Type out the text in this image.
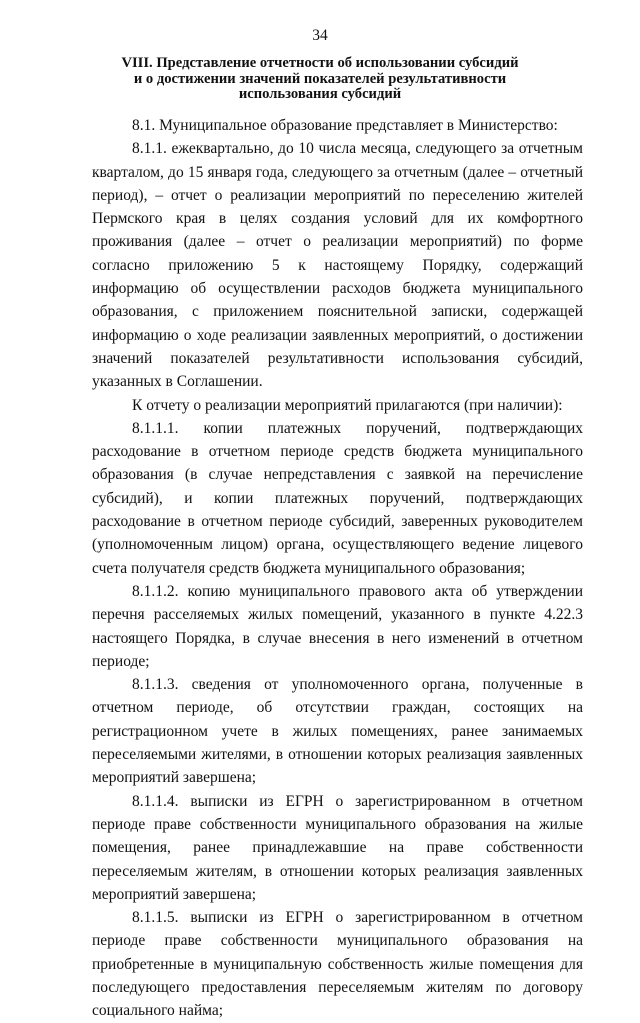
34
VIII. Представление отчетности об использовании субсидий
и о достижении значений показателей результативности
использования субсидий

8.1. Муниципальное образование представляет в Министерство:

8.1.1. ежеквартально, до 10 числа месяца, следующего за отчетным кварталом, до 15 января года, следующего за отчетным (далее – отчетный период), – отчет о реализации мероприятий по переселению жителей Пермского края в целях создания условий для их комфортного проживания (далее – отчет о реализации мероприятий) по форме согласно приложению 5 к настоящему Порядку, содержащий информацию об осуществлении расходов бюджета муниципального образования, с приложением пояснительной записки, содержащей информацию о ходе реализации заявленных мероприятий, о достижении значений показателей результативности использования субсидий, указанных в Соглашении.

К отчету о реализации мероприятий прилагаются (при наличии):

8.1.1.1. копии платежных поручений, подтверждающих расходование в отчетном периоде средств бюджета муниципального образования (в случае непредставления с заявкой на перечисление субсидий), и копии платежных поручений, подтверждающих расходование в отчетном периоде субсидий, заверенных руководителем (уполномоченным лицом) органа, осуществляющего ведение лицевого счета получателя средств бюджета муниципального образования;

8.1.1.2. копию муниципального правового акта об утверждении перечня расселяемых жилых помещений, указанного в пункте 4.22.3 настоящего Порядка, в случае внесения в него изменений в отчетном периоде;

8.1.1.3. сведения от уполномоченного органа, полученные в отчетном периоде, об отсутствии граждан, состоящих на регистрационном учете в жилых помещениях, ранее занимаемых переселяемыми жителями, в отношении которых реализация заявленных мероприятий завершена;

8.1.1.4. выписки из ЕГРН о зарегистрированном в отчетном периоде праве собственности муниципального образования на жилые помещения, ранее принадлежавшие на праве собственности переселяемым жителям, в отношении которых реализация заявленных мероприятий завершена;

8.1.1.5. выписки из ЕГРН о зарегистрированном в отчетном периоде праве собственности муниципального образования на приобретенные в муниципальную собственность жилые помещения для последующего предоставления переселяемым жителям по договору социального найма;
